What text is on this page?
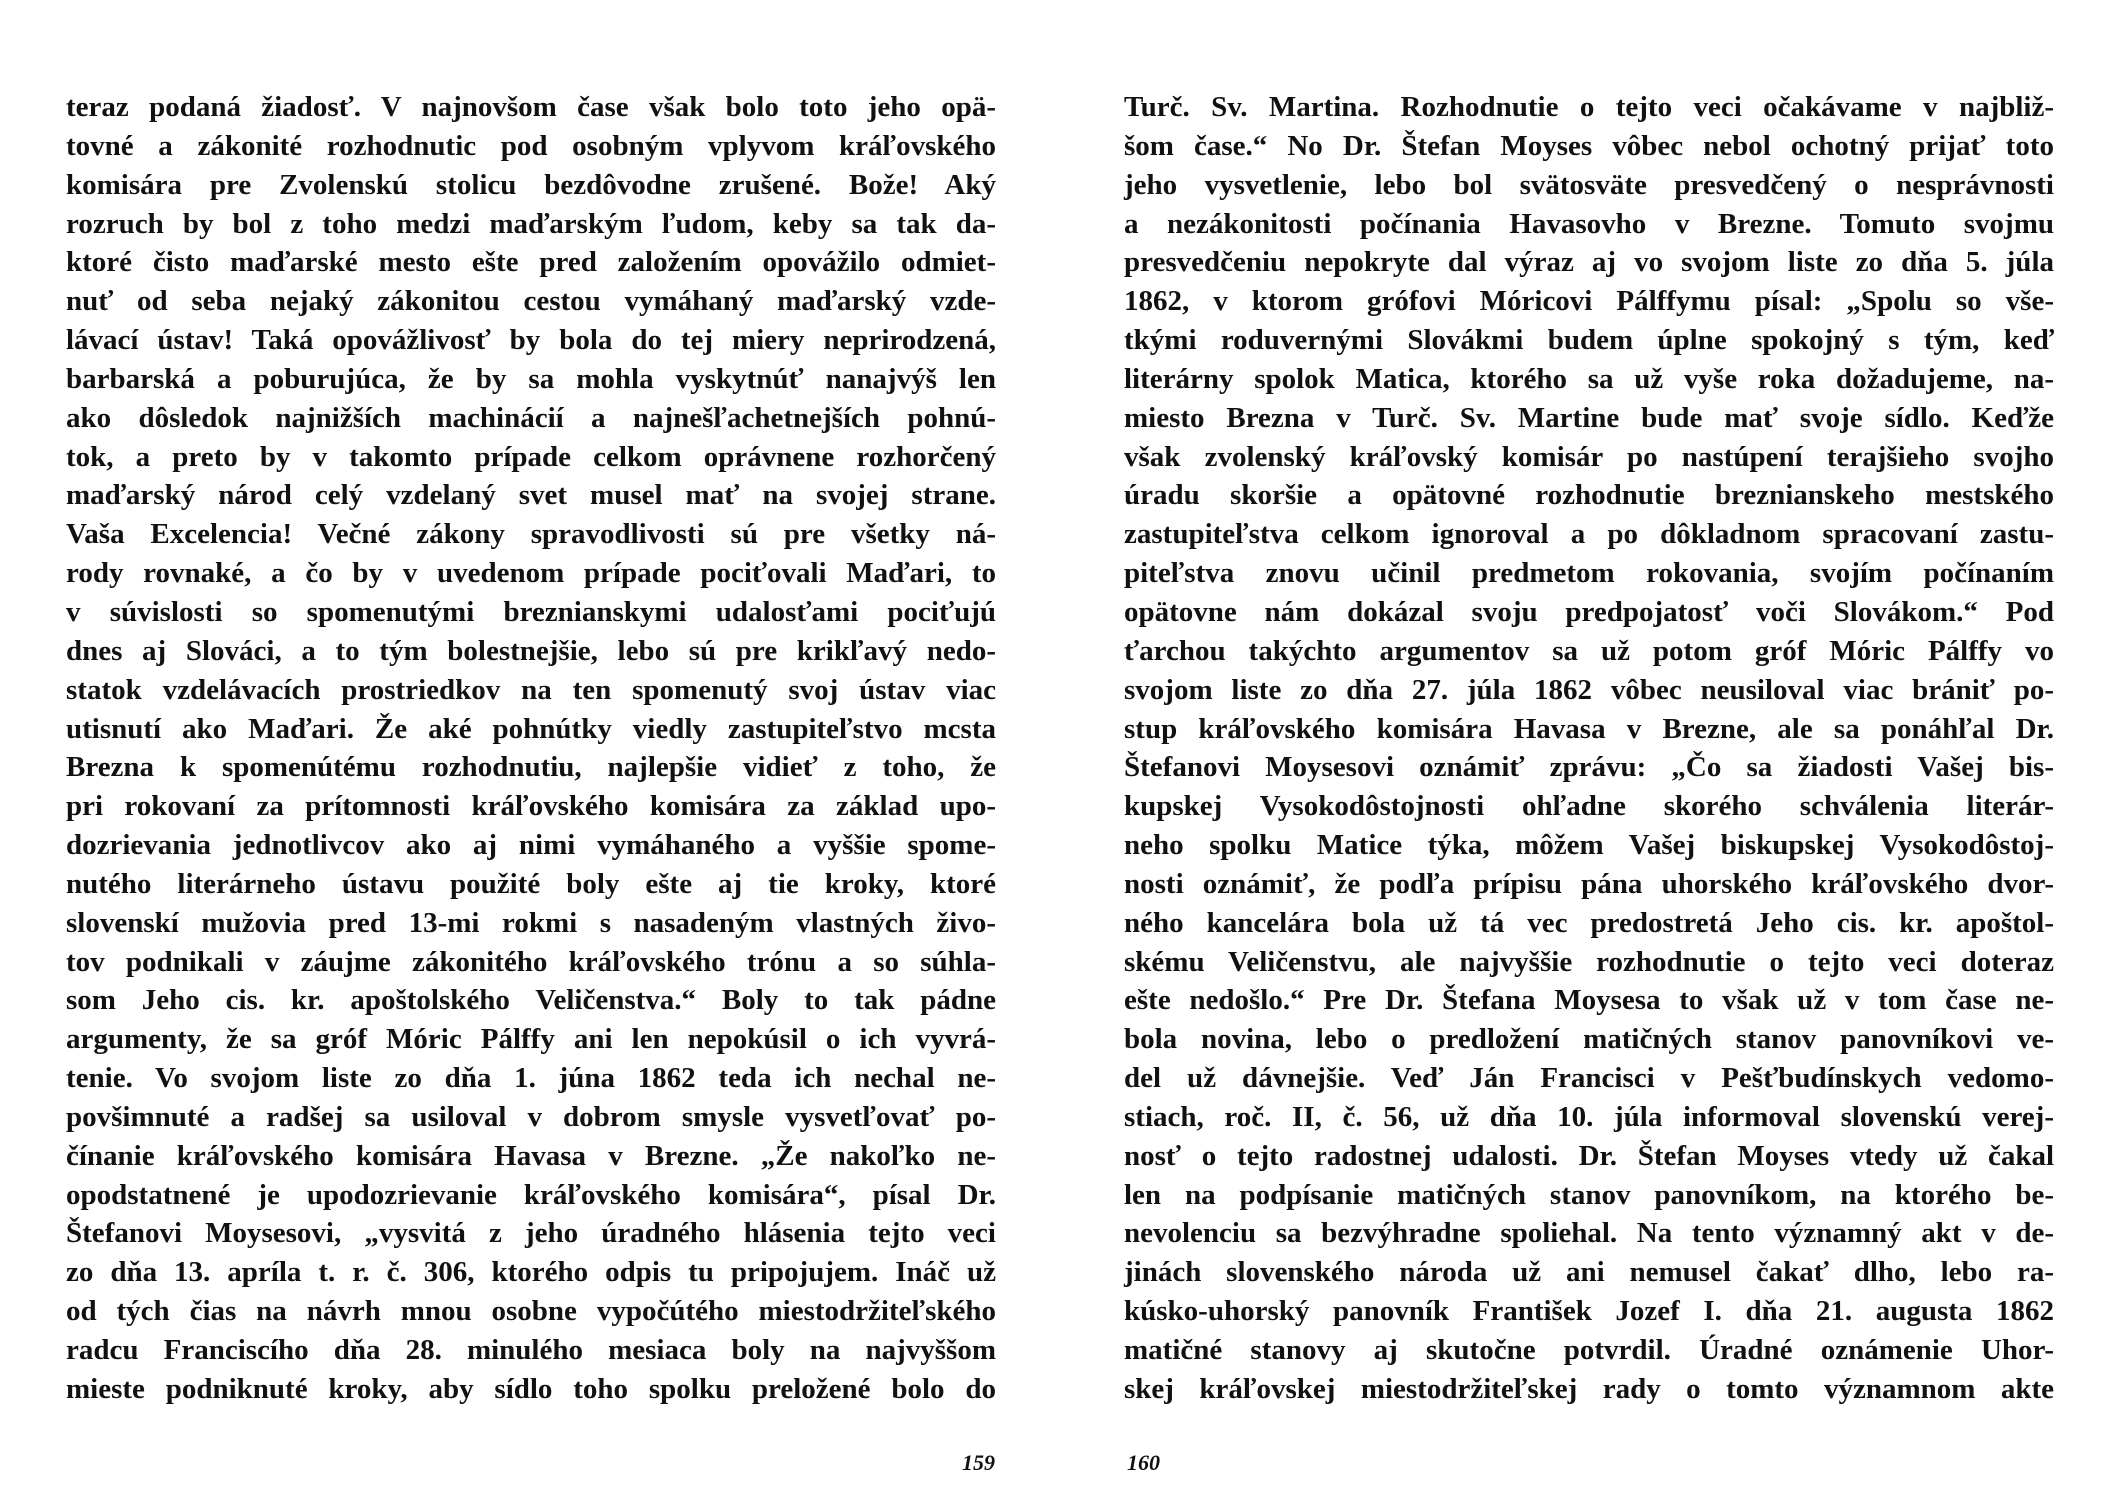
teraz podaná žiadosť. V najnovšom čase však bolo toto jeho opä-
tovné a zákonité rozhodnutic pod osobným vplyvom kráľovského
komisára pre Zvolenskú stolicu bezdôvodne zrušené. Bože! Aký
rozruch by bol z toho medzi maďarským ľudom, keby sa tak da-
ktoré čisto maďarské mesto ešte pred založením opovážilo odmiet-
nuť od seba nejaký zákonitou cestou vymáhaný maďarský vzde-
lávací ústav! Taká opovážlivosť by bola do tej miery neprirodzená,
barbarská a poburujúca, že by sa mohla vyskytnúť nanajvýš len
ako dôsledok najnižších machinácií a najnešľachetnejších pohnú-
tok, a preto by v takomto prípade celkom oprávnene rozhorčený
maďarský národ celý vzdelaný svet musel mať na svojej strane.
Vaša Excelencia! Večné zákony spravodlivosti sú pre všetky ná-
rody rovnaké, a čo by v uvedenom prípade pociťovali Maďari, to
v súvislosti so spomenutými breznianskymi udalosťami pociťujú
dnes aj Slováci, a to tým bolestnejšie, lebo sú pre krikľavý nedo-
statok vzdelávacích prostriedkov na ten spomenutý svoj ústav viac
utisnutí ako Maďari. Že aké pohnútky viedly zastupiteľstvo mcsta
Brezna k spomenútému rozhodnutiu, najlepšie vidieť z toho, že
pri rokovaní za prítomnosti kráľovského komisára za základ upo-
dozrievania jednotlivcov ako aj nimi vymáhaného a vyššie spome-
nutého literárneho ústavu použité boly ešte aj tie kroky, ktoré
slovenskí mužovia pred 13-mi rokmi s nasadeným vlastných živo-
tov podnikali v záujme zákonitého kráľovského trónu a so súhla-
som Jeho cis. kr. apoštolského Veličenstva.“ Boly to tak pádne
argumenty, že sa gróf Móric Pálffy ani len nepokúsil o ich vyvrá-
tenie. Vo svojom liste zo dňa 1. júna 1862 teda ich nechal ne-
povšimnuté a radšej sa usiloval v dobrom smysle vysvetľovať po-
čínanie kráľovského komisára Havasa v Brezne. „Že nakoľko ne-
opodstatnené je upodozrievanie kráľovského komisára“, písal Dr.
Štefanovi Moysesovi, „vysvitá z jeho úradného hlásenia tejto veci
zo dňa 13. apríla t. r. č. 306, ktorého odpis tu pripojujem. Ináč už
od tých čias na návrh mnou osobne vypočútého miestodržiteľského
radcu Franciscího dňa 28. minulého mesiaca boly na najvyššom
mieste podniknuté kroky, aby sídlo toho spolku preložené bolo do
Turč. Sv. Martina. Rozhodnutie o tejto veci očakávame v najbliž-
šom čase.“ No Dr. Štefan Moyses vôbec nebol ochotný prijať toto
jeho vysvetlenie, lebo bol svätosväte presvedčený o nesprávnosti
a nezákonitosti počínania Havasovho v Brezne. Tomuto svojmu
presvedčeniu nepokryte dal výraz aj vo svojom liste zo dňa 5. júla
1862, v ktorom grófovi Móricovi Pálffymu písal: „Spolu so vše-
tkými roduvernými Slovákmi budem úplne spokojný s tým, keď
literárny spolok Matica, ktorého sa už vyše roka dožadujeme, na-
miesto Brezna v Turč. Sv. Martine bude mať svoje sídlo. Keďže
však zvolenský kráľovský komisár po nastúpení terajšieho svojho
úradu skoršie a opätovné rozhodnutie breznianskeho mestského
zastupiteľstva celkom ignoroval a po dôkladnom spracovaní zastu-
piteľstva znovu učinil predmetom rokovania, svojím počínaním
opätovne nám dokázal svoju predpojatosť voči Slovákom.“ Pod
ťarchou takýchto argumentov sa už potom gróf Móric Pálffy vo
svojom liste zo dňa 27. júla 1862 vôbec neusiloval viac brániť po-
stup kráľovského komisára Havasa v Brezne, ale sa ponáhľal Dr.
Štefanovi Moysesovi oznámiť zprávu: „Čo sa žiadosti Vašej bis-
kupskej Vysokodôstojnosti ohľadne skorého schválenia literár-
neho spolku Matice týka, môžem Vašej biskupskej Vysokodôstoj-
nosti oznámiť, že podľa prípisu pána uhorského kráľovského dvor-
ného kancelára bola už tá vec predostretá Jeho cis. kr. apoštol-
skému Veličenstvu, ale najvyššie rozhodnutie o tejto veci doteraz
ešte nedošlo.“ Pre Dr. Štefana Moysesa to však už v tom čase ne-
bola novina, lebo o predložení matičných stanov panovníkovi ve-
del už dávnejšie. Veď Ján Francisci v Pešťbudínskych vedomo-
stiach, roč. II, č. 56, už dňa 10. júla informoval slovenskú verej-
nosť o tejto radostnej udalosti. Dr. Štefan Moyses vtedy už čakal
len na podpísanie matičných stanov panovníkom, na ktorého be-
nevolenciu sa bezvýhradne spoliehal. Na tento významný akt v de-
jinách slovenského národa už ani nemusel čakať dlho, lebo ra-
kúsko-uhorský panovník František Jozef I. dňa 21. augusta 1862
matičné stanovy aj skutočne potvrdil. Úradné oznámenie Uhor-
skej kráľovskej miestodržiteľskej rady o tomto významnom akte
159	160
